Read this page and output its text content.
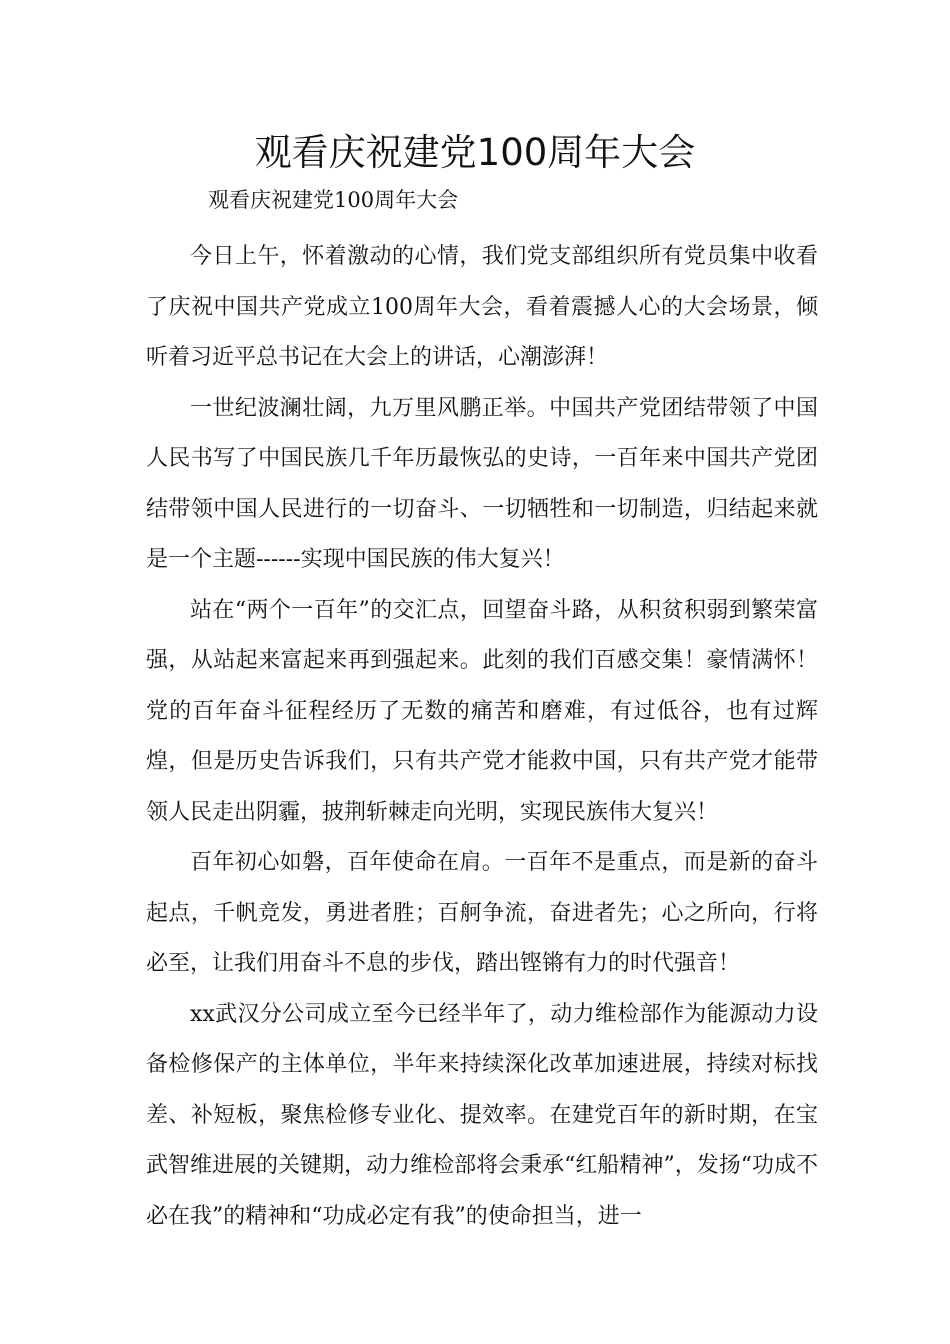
观看庆祝建党100周年大会

观看庆祝建党100周年大会

今日上午，怀着激动的心情，我们党支部组织所有党员集中收看了庆祝中国共产党成立100周年大会，看着震撼人心的大会场景，倾听着习近平总书记在大会上的讲话，心潮澎湃！

一世纪波澜壮阔，九万里风鹏正举。中国共产党团结带领了中国人民书写了中国民族几千年历最恢弘的史诗，一百年来中国共产党团结带领中国人民进行的一切奋斗、一切牺牲和一切制造，归结起来就是一个主题------实现中国民族的伟大复兴！

站在“两个一百年”的交汇点，回望奋斗路，从积贫积弱到繁荣富强，从站起来富起来再到强起来。此刻的我们百感交集！豪情满怀！党的百年奋斗征程经历了无数的痛苦和磨难，有过低谷，也有过辉煌，但是历史告诉我们，只有共产党才能救中国，只有共产党才能带领人民走出阴霾，披荆斩棘走向光明，实现民族伟大复兴！

百年初心如磐，百年使命在肩。一百年不是重点，而是新的奋斗起点，千帆竞发，勇进者胜；百舸争流，奋进者先；心之所向，行将必至，让我们用奋斗不息的步伐，踏出铿锵有力的时代强音！

xx武汉分公司成立至今已经半年了，动力维检部作为能源动力设备检修保产的主体单位，半年来持续深化改革加速进展，持续对标找差、补短板，聚焦检修专业化、提效率。在建党百年的新时期，在宝武智维进展的关键期，动力维检部将会秉承“红船精神”，发扬“功成不必在我”的精神和“功成必定有我”的使命担当，进一
